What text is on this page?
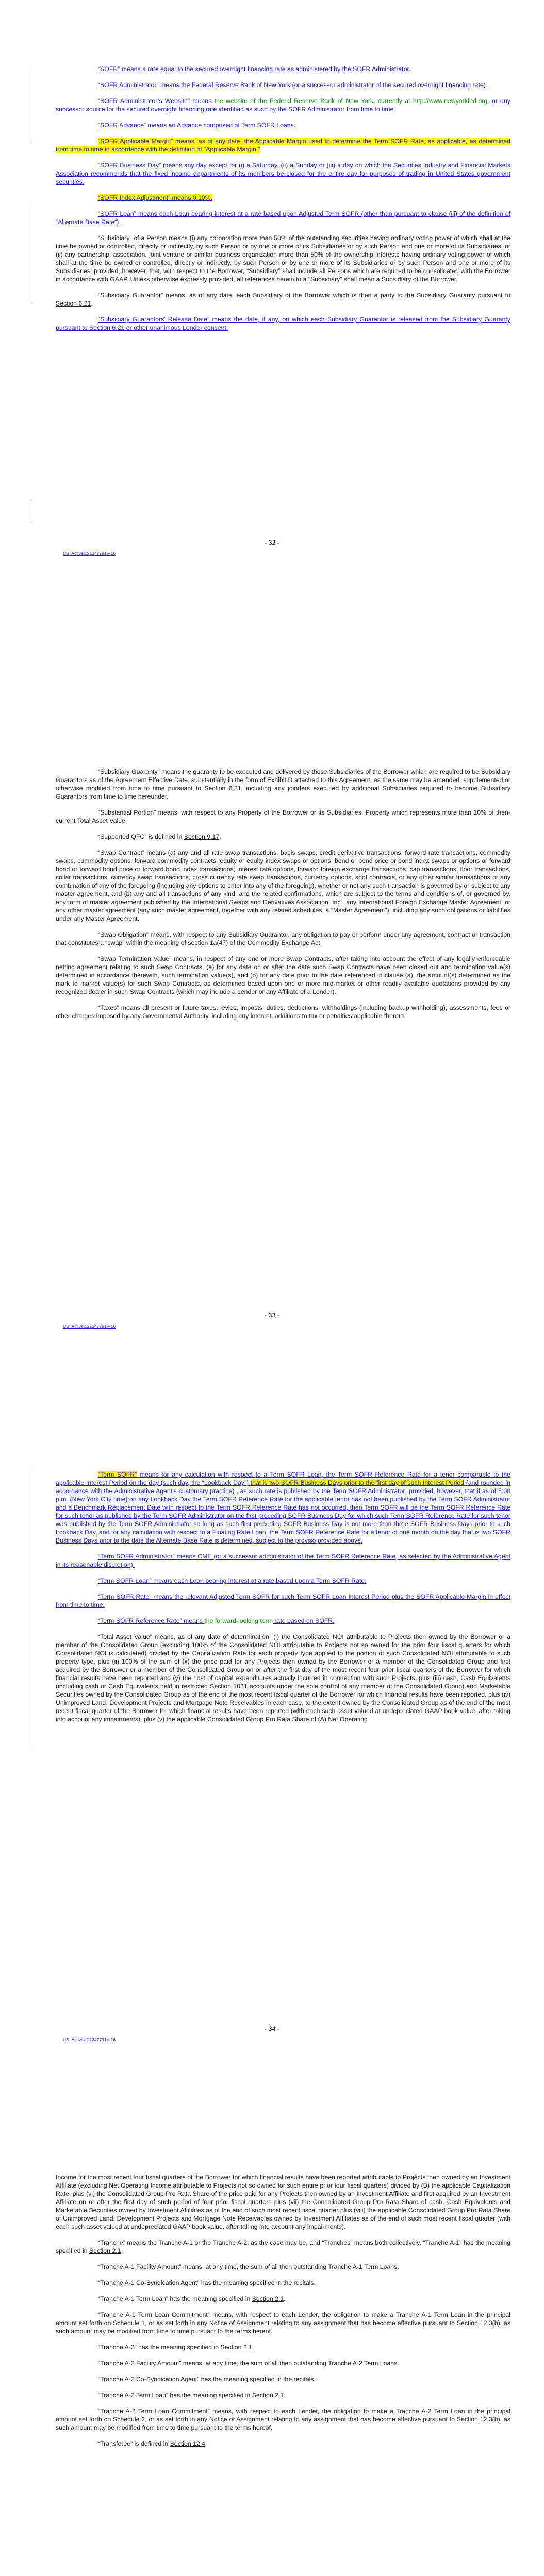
“SOFR” means a rate equal to the secured overnight financing rate as administered by the SOFR Administrator.

“SOFR Administrator” means the Federal Reserve Bank of New York (or a successor administrator of the secured overnight financing rate).

“SOFR Administrator’s Website” means the website of the Federal Reserve Bank of New York, currently at http://www.newyorkfed.org, or any successor source for the secured overnight financing rate identified as such by the SOFR Administrator from time to time.

“SOFR Advance” means an Advance comprised of Term SOFR Loans.

“SOFR Applicable Margin” means, as of any date, the Applicable Margin used to determine the Term SOFR Rate, as applicable, as determined from time to time in accordance with the definition of “Applicable Margin.”

“SOFR Business Day” means any day except for (i) a Saturday, (ii) a Sunday or (iii) a day on which the Securities Industry and Financial Markets Association recommends that the fixed income departments of its members be closed for the entire day for purposes of trading in United States government securities.

“SOFR Index Adjustment” means 0.10%.

“SOFR Loan” means each Loan bearing interest at a rate based upon Adjusted Term SOFR (other than pursuant to clause (iii) of the definition of “Alternate Base Rate”).

“Subsidiary” of a Person means (i) any corporation more than 50% of the outstanding securities having ordinary voting power of which shall at the time be owned or controlled, directly or indirectly, by such Person or by one or more of its Subsidiaries or by such Person and one or more of its Subsidiaries, or (ii) any partnership, association, joint venture or similar business organization more than 50% of the ownership interests having ordinary voting power of which shall at the time be owned or controlled, directly or indirectly, by such Person or by one or more of its Subsidiaries or by such Person and one or more of its Subsidiaries; provided, however, that, with respect to the Borrower, “Subsidiary” shall include all Persons which are required to be consolidated with the Borrower in accordance with GAAP. Unless otherwise expressly provided, all references herein to a “Subsidiary” shall mean a Subsidiary of the Borrower.

“Subsidiary Guarantor” means, as of any date, each Subsidiary of the Borrower which is then a party to the Subsidiary Guaranty pursuant to Section 6.21.

“Subsidiary Guarantors’ Release Date” means the date, if any, on which each Subsidiary Guarantor is released from the Subsidiary Guaranty pursuant to Section 6.21 or other unanimous Lender consent.

- 32 -
US_Active\121347791V-16

“Subsidiary Guaranty” means the guaranty to be executed and delivered by those Subsidiaries of the Borrower which are required to be Subsidiary Guarantors as of the Agreement Effective Date, substantially in the form of Exhibit D attached to this Agreement, as the same may be amended, supplemented or otherwise modified from time to time pursuant to Section 6.21, including any joinders executed by additional Subsidiaries required to become Subsidiary Guarantors from time to time hereunder.

“Substantial Portion” means, with respect to any Property of the Borrower or its Subsidiaries, Property which represents more than 10% of then-current Total Asset Value.

“Supported QFC” is defined in Section 9.17.

“Swap Contract” means (a) any and all rate swap transactions, basis swaps, credit derivative transactions, forward rate transactions, commodity swaps, commodity options, forward commodity contracts, equity or equity index swaps or options, bond or bond price or bond index swaps or options or forward bond or forward bond price or forward bond index transactions, interest rate options, forward foreign exchange transactions, cap transactions, floor transactions, collar transactions, currency swap transactions, cross currency rate swap transactions, currency options, spot contracts, or any other similar transactions or any combination of any of the foregoing (including any options to enter into any of the foregoing), whether or not any such transaction is governed by or subject to any master agreement, and (b) any and all transactions of any kind, and the related confirmations, which are subject to the terms and conditions of, or governed by, any form of master agreement published by the International Swaps and Derivatives Association, Inc., any International Foreign Exchange Master Agreement, or any other master agreement (any such master agreement, together with any related schedules, a “Master Agreement”), including any such obligations or liabilities under any Master Agreement.

“Swap Obligation” means, with respect to any Subsidiary Guarantor, any obligation to pay or perform under any agreement, contract or transaction that constitutes a “swap” within the meaning of section 1a(47) of the Commodity Exchange Act.

“Swap Termination Value” means, in respect of any one or more Swap Contracts, after taking into account the effect of any legally enforceable netting agreement relating to such Swap Contracts, (a) for any date on or after the date such Swap Contracts have been closed out and termination value(s) determined in accordance therewith, such termination value(s), and (b) for any date prior to the date referenced in clause (a), the amount(s) determined as the mark to market value(s) for such Swap Contracts, as determined based upon one or more mid-market or other readily available quotations provided by any recognized dealer in such Swap Contracts (which may include a Lender or any Affiliate of a Lender).

“Taxes” means all present or future taxes, levies, imposts, duties, deductions, withholdings (including backup withholding), assessments, fees or other charges imposed by any Governmental Authority, including any interest, additions to tax or penalties applicable thereto.

- 33 -
US_Active\121347791V-16

“Term SOFR” means for any calculation with respect to a Term SOFR Loan, the Term SOFR Reference Rate for a tenor comparable to the applicable Interest Period on the day (such day, the “Lookback Day”) that is two SOFR Business Days prior to the first day of such Interest Period (and rounded in accordance with the Administrative Agent’s customary practice) , as such rate is published by the Term SOFR Administrator; provided, however, that if as of 5:00 p.m. (New York City time) on any Lookback Day the Term SOFR Reference Rate for the applicable tenor has not been published by the Term SOFR Administrator and a Benchmark Replacement Date with respect to the Term SOFR Reference Rate has not occurred, then Term SOFR will be the Term SOFR Reference Rate for such tenor as published by the Term SOFR Administrator on the first preceding SOFR Business Day for which such Term SOFR Reference Rate for such tenor was published by the Term SOFR Administrator so long as such first preceding SOFR Business Day is not more than three SOFR Business Days prior to such Lookback Day, and for any calculation with respect to a Floating Rate Loan, the Term SOFR Reference Rate for a tenor of one month on the day that is two SOFR Business Days prior to the date the Alternate Base Rate is determined, subject to the proviso provided above.

“Term SOFR Administrator” means CME (or a successor administrator of the Term SOFR Reference Rate, as selected by the Administrative Agent in its reasonable discretion).

“Term SOFR Loan” means each Loan bearing interest at a rate based upon a Term SOFR Rate.

“Term SOFR Rate” means the relevant Adjusted Term SOFR for such Term SOFR Loan Interest Period plus the SOFR Applicable Margin in effect from time to time.

“Term SOFR Reference Rate” means the forward-looking term rate based on SOFR.

“Total Asset Value” means, as of any date of determination, (i) the Consolidated NOI attributable to Projects then owned by the Borrower or a member of the Consolidated Group (excluding 100% of the Consolidated NOI attributable to Projects not so owned for the prior four fiscal quarters for which Consolidated NOI is calculated) divided by the Capitalization Rate for each property type applied to the portion of such Consolidated NOI attributable to such property type, plus (ii) 100% of the sum of (x) the price paid for any Projects then owned by the Borrower or a member of the Consolidated Group and first acquired by the Borrower or a member of the Consolidated Group on or after the first day of the most recent four prior fiscal quarters of the Borrower for which financial results have been reported and (y) the cost of capital expenditures actually incurred in connection with such Projects, plus (iii) cash, Cash Equivalents (including cash or Cash Equivalents held in restricted Section 1031 accounts under the sole control of any member of the Consolidated Group) and Marketable Securities owned by the Consolidated Group as of the end of the most recent fiscal quarter of the Borrower for which financial results have been reported, plus (iv) Unimproved Land, Development Projects and Mortgage Note Receivables in each case, to the extent owned by the Consolidated Group as of the end of the most recent fiscal quarter of the Borrower for which financial results have been reported (with each such asset valued at undepreciated GAAP book value, after taking into account any impairments), plus (v) the applicable Consolidated Group Pro Rata Share of (A) Net Operating

- 34 -
US_Active\121347791V-16

Income for the most recent four fiscal quarters of the Borrower for which financial results have been reported attributable to Projects then owned by an Investment Affiliate (excluding Net Operating Income attributable to Projects not so owned for such entire prior four fiscal quarters) divided by (B) the applicable Capitalization Rate, plus (vi) the Consolidated Group Pro Rata Share of the price paid for any Projects then owned by an Investment Affiliate and first acquired by an Investment Affiliate on or after the first day of such period of four prior fiscal quarters plus (vii) the Consolidated Group Pro Rata Share of cash, Cash Equivalents and Marketable Securities owned by Investment Affiliates as of the end of such most recent fiscal quarter plus (viii) the applicable Consolidated Group Pro Rata Share of Unimproved Land, Development Projects and Mortgage Note Receivables owned by Investment Affiliates as of the end of such most recent fiscal quarter (with each such asset valued at undepreciated GAAP book value, after taking into account any impairments).

“Tranche” means the Tranche A-1 or the Tranche A-2, as the case may be, and “Tranches” means both collectively. “Tranche A-1” has the meaning specified in Section 2.1.

“Tranche A-1 Facility Amount” means, at any time, the sum of all then outstanding Tranche A-1 Term Loans.

“Tranche A-1 Co-Syndication Agent” has the meaning specified in the recitals.

“Tranche A-1 Term Loan” has the meaning specified in Section 2.1.

“Tranche A-1 Term Loan Commitment” means, with respect to each Lender, the obligation to make a Tranche A-1 Term Loan in the principal amount set forth on Schedule 1, or as set forth in any Notice of Assignment relating to any assignment that has become effective pursuant to Section 12.3(b), as such amount may be modified from time to time pursuant to the terms hereof.

“Tranche A-2” has the meaning specified in Section 2.1.

“Tranche A-2 Facility Amount” means, at any time, the sum of all then outstanding Tranche A-2 Term Loans.

“Tranche A-2 Co-Syndication Agent” has the meaning specified in the recitals.

“Tranche A-2 Term Loan” has the meaning specified in Section 2.1.

“Tranche A-2 Term Loan Commitment” means, with respect to each Lender, the obligation to make a Tranche A-2 Term Loan in the principal amount set forth on Schedule 2, or as set forth in any Notice of Assignment relating to any assignment that has become effective pursuant to Section 12.3(b), as such amount may be modified from time to time pursuant to the terms hereof.

“Transferee” is defined in Section 12.4.
